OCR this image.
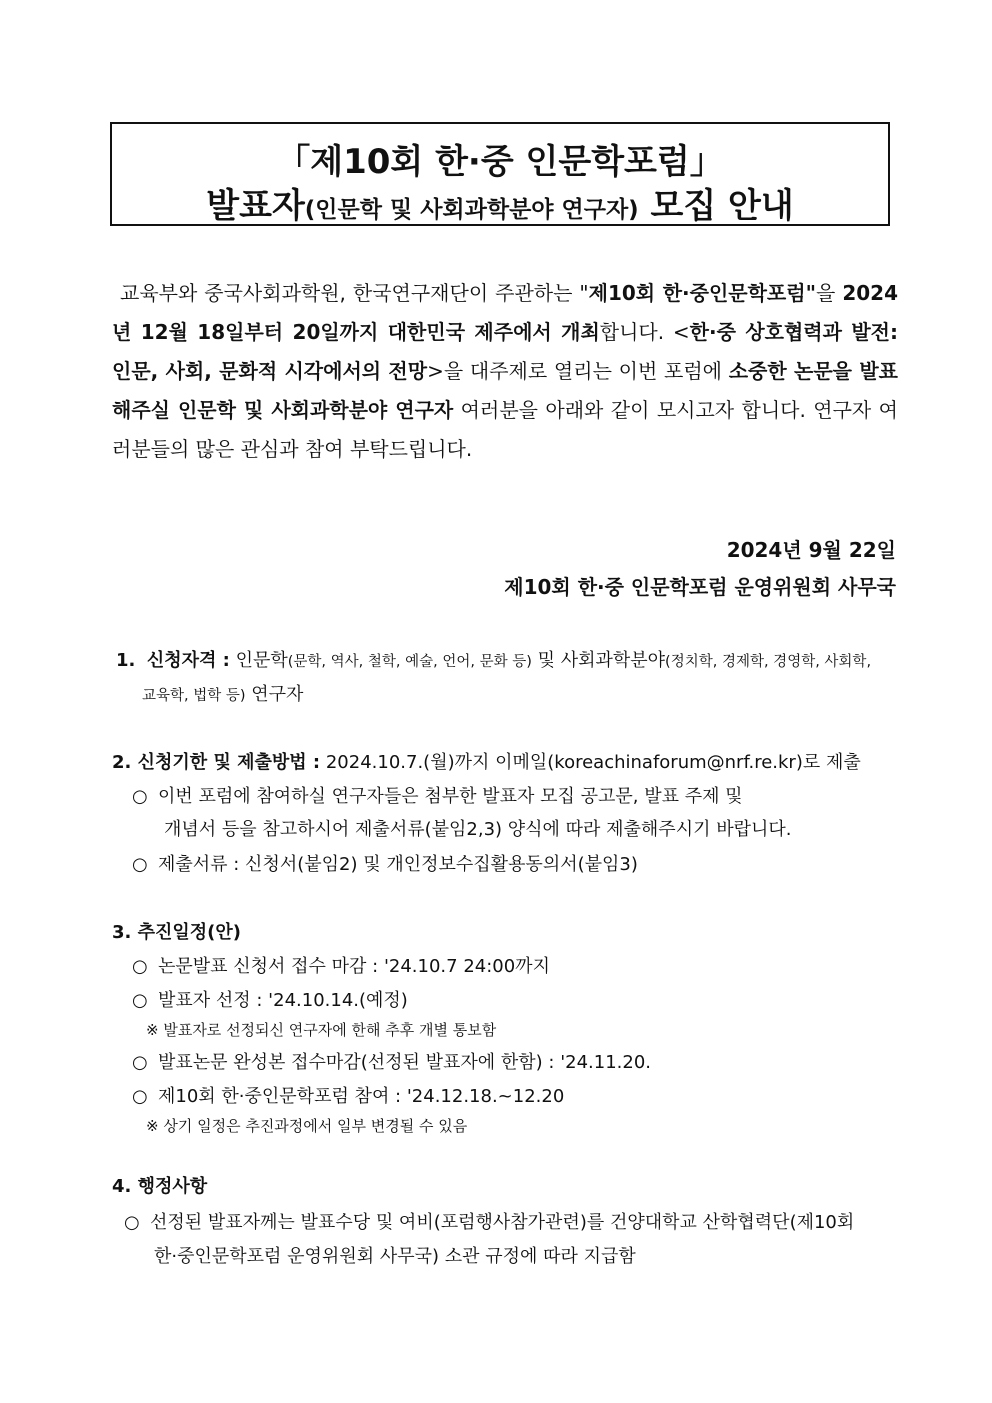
「제10회 한·중 인문학포럼」
발표자(인문학 및 사회과학분야 연구자) 모집 안내

교육부와 중국사회과학원, 한국연구재단이 주관하는 "제10회 한·중인문학포럼"을 2024년 12월 18일부터 20일까지 대한민국 제주에서 개최합니다. <한·중 상호협력과 발전: 인문, 사회, 문화적 시각에서의 전망>을 대주제로 열리는 이번 포럼에 소중한 논문을 발표해주실 인문학 및 사회과학분야 연구자 여러분을 아래와 같이 모시고자 합니다. 연구자 여러분들의 많은 관심과 참여 부탁드립니다.

2024년 9월 22일
제10회 한·중 인문학포럼 운영위원회 사무국
1. 신청자격 : 인문학(문학, 역사, 철학, 예술, 언어, 문화 등) 및 사회과학분야(정치학, 경제학, 경영학, 사회학,
교육학, 법학 등) 연구자
2. 신청기한 및 제출방법 : 2024.10.7.(월)까지 이메일(koreachinaforum@nrf.re.kr)로 제출
○ 이번 포럼에 참여하실 연구자들은 첨부한 발표자 모집 공고문, 발표 주제 및
개념서 등을 참고하시어 제출서류(붙임2,3) 양식에 따라 제출해주시기 바랍니다.
○ 제출서류 : 신청서(붙임2) 및 개인정보수집활용동의서(붙임3)
3. 추진일정(안)
○ 논문발표 신청서 접수 마감 : '24.10.7 24:00까지
○ 발표자 선정 : '24.10.14.(예정)
※ 발표자로 선정되신 연구자에 한해 추후 개별 통보함
○ 발표논문 완성본 접수마감(선정된 발표자에 한함) : '24.11.20.
○ 제10회 한·중인문학포럼 참여 : '24.12.18.~12.20
※ 상기 일정은 추진과정에서 일부 변경될 수 있음
4. 행정사항
○ 선정된 발표자께는 발표수당 및 여비(포럼행사참가관련)를 건양대학교 산학협력단(제10회
한·중인문학포럼 운영위원회 사무국) 소관 규정에 따라 지급함
